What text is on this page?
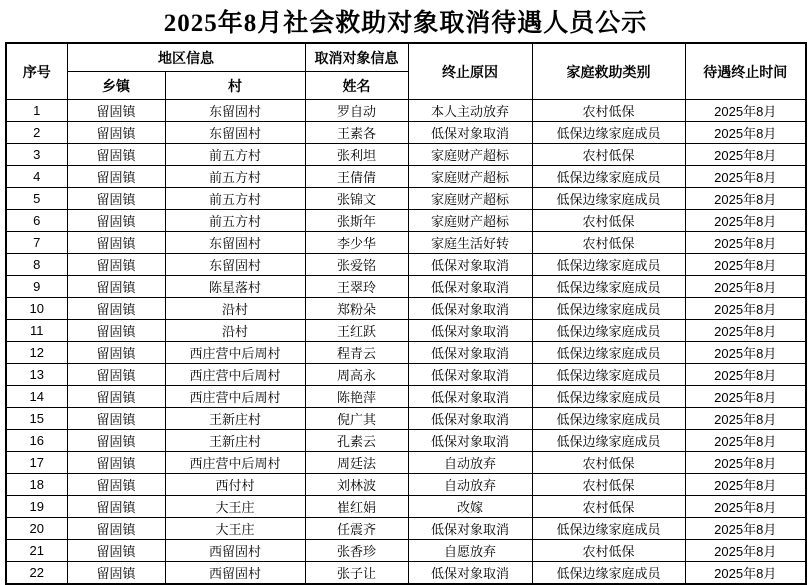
2025年8月社会救助对象取消待遇人员公示
序号	地区信息		取消对象信息	终止原因	家庭救助类别	待遇终止时间
	乡镇	村	姓名			
1	留固镇	东留固村	罗自动	本人主动放弃	农村低保	2025年8月
2	留固镇	东留固村	王素各	低保对象取消	低保边缘家庭成员	2025年8月
3	留固镇	前五方村	张利坦	家庭财产超标	农村低保	2025年8月
4	留固镇	前五方村	王倩倩	家庭财产超标	低保边缘家庭成员	2025年8月
5	留固镇	前五方村	张锦文	家庭财产超标	低保边缘家庭成员	2025年8月
6	留固镇	前五方村	张斯年	家庭财产超标	农村低保	2025年8月
7	留固镇	东留固村	李少华	家庭生活好转	农村低保	2025年8月
8	留固镇	东留固村	张爱铭	低保对象取消	低保边缘家庭成员	2025年8月
9	留固镇	陈星落村	王翠玲	低保对象取消	低保边缘家庭成员	2025年8月
10	留固镇	沿村	郑粉朵	低保对象取消	低保边缘家庭成员	2025年8月
11	留固镇	沿村	王红跃	低保对象取消	低保边缘家庭成员	2025年8月
12	留固镇	西庄营中后周村	程青云	低保对象取消	低保边缘家庭成员	2025年8月
13	留固镇	西庄营中后周村	周高永	低保对象取消	低保边缘家庭成员	2025年8月
14	留固镇	西庄营中后周村	陈艳萍	低保对象取消	低保边缘家庭成员	2025年8月
15	留固镇	王新庄村	倪广其	低保对象取消	低保边缘家庭成员	2025年8月
16	留固镇	王新庄村	孔素云	低保对象取消	低保边缘家庭成员	2025年8月
17	留固镇	西庄营中后周村	周廷法	自动放弃	农村低保	2025年8月
18	留固镇	西付村	刘林波	自动放弃	农村低保	2025年8月
19	留固镇	大王庄	崔红娟	改嫁	农村低保	2025年8月
20	留固镇	大王庄	任震齐	低保对象取消	低保边缘家庭成员	2025年8月
21	留固镇	西留固村	张香珍	自愿放弃	农村低保	2025年8月
22	留固镇	西留固村	张子让	低保对象取消	低保边缘家庭成员	2025年8月
